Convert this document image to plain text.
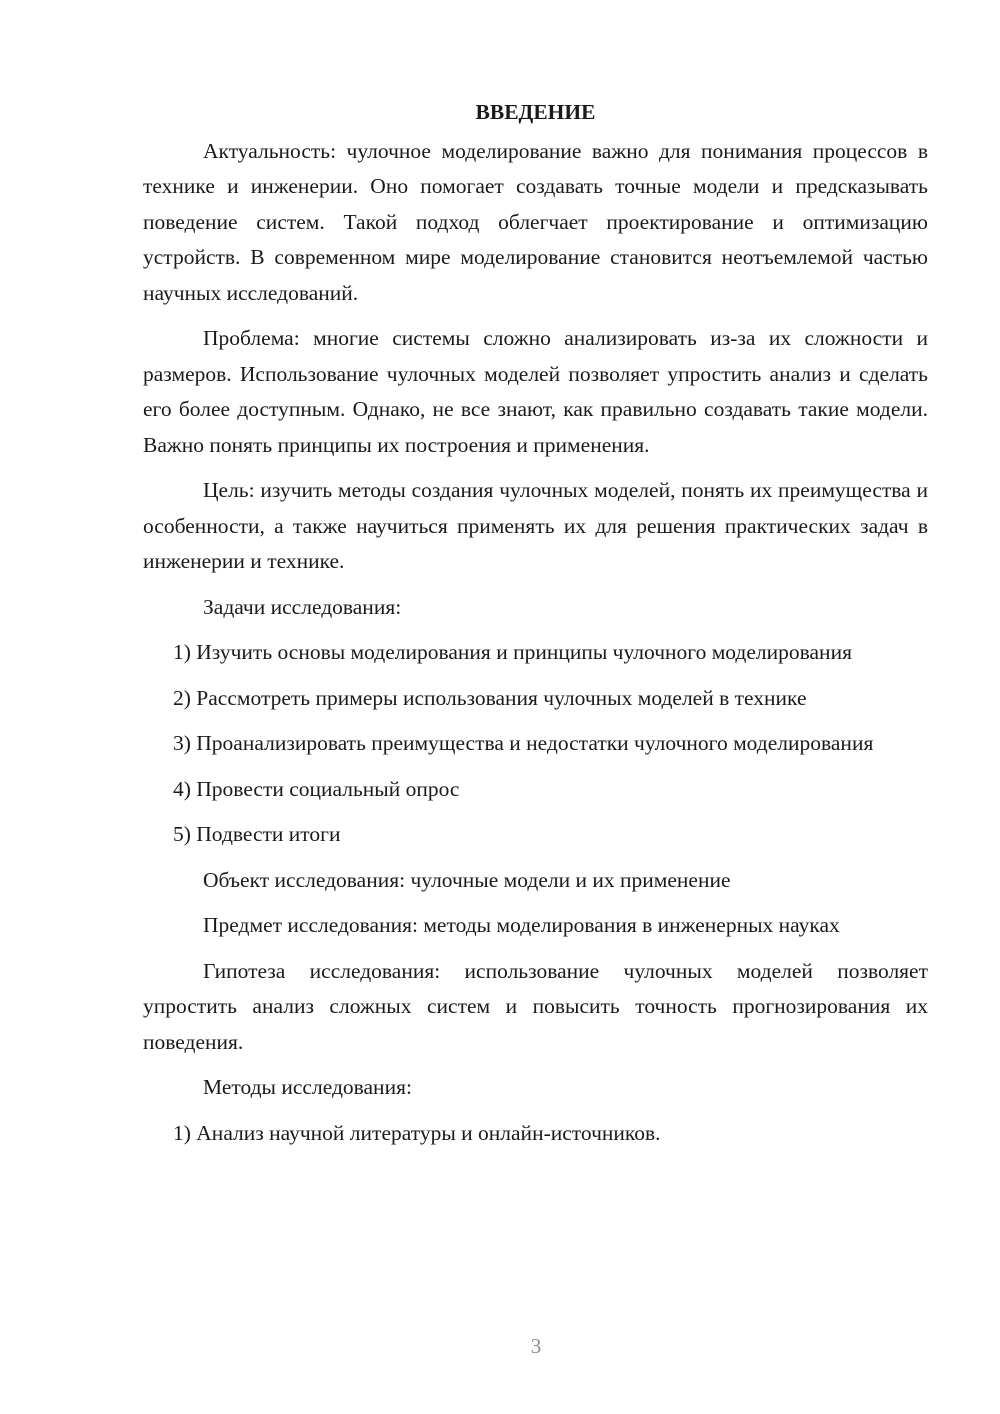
ВВЕДЕНИЕ

Актуальность: чулочное моделирование важно для понимания процессов в технике и инженерии. Оно помогает создавать точные модели и предсказывать поведение систем. Такой подход облегчает проектирование и оптимизацию устройств. В современном мире моделирование становится неотъемлемой частью научных исследований.

Проблема: многие системы сложно анализировать из-за их сложности и размеров. Использование чулочных моделей позволяет упростить анализ и сделать его более доступным. Однако, не все знают, как правильно создавать такие модели. Важно понять принципы их построения и применения.

Цель: изучить методы создания чулочных моделей, понять их преимущества и особенности, а также научиться применять их для решения практических задач в инженерии и технике.

Задачи исследования:

1) Изучить основы моделирования и принципы чулочного моделирования

2) Рассмотреть примеры использования чулочных моделей в технике

3) Проанализировать преимущества и недостатки чулочного моделирования

4) Провести социальный опрос

5) Подвести итоги

Объект исследования: чулочные модели и их применение

Предмет исследования: методы моделирования в инженерных науках

Гипотеза исследования: использование чулочных моделей позволяет упростить анализ сложных систем и повысить точность прогнозирования их поведения.

Методы исследования:

1) Анализ научной литературы и онлайн-источников.

3
